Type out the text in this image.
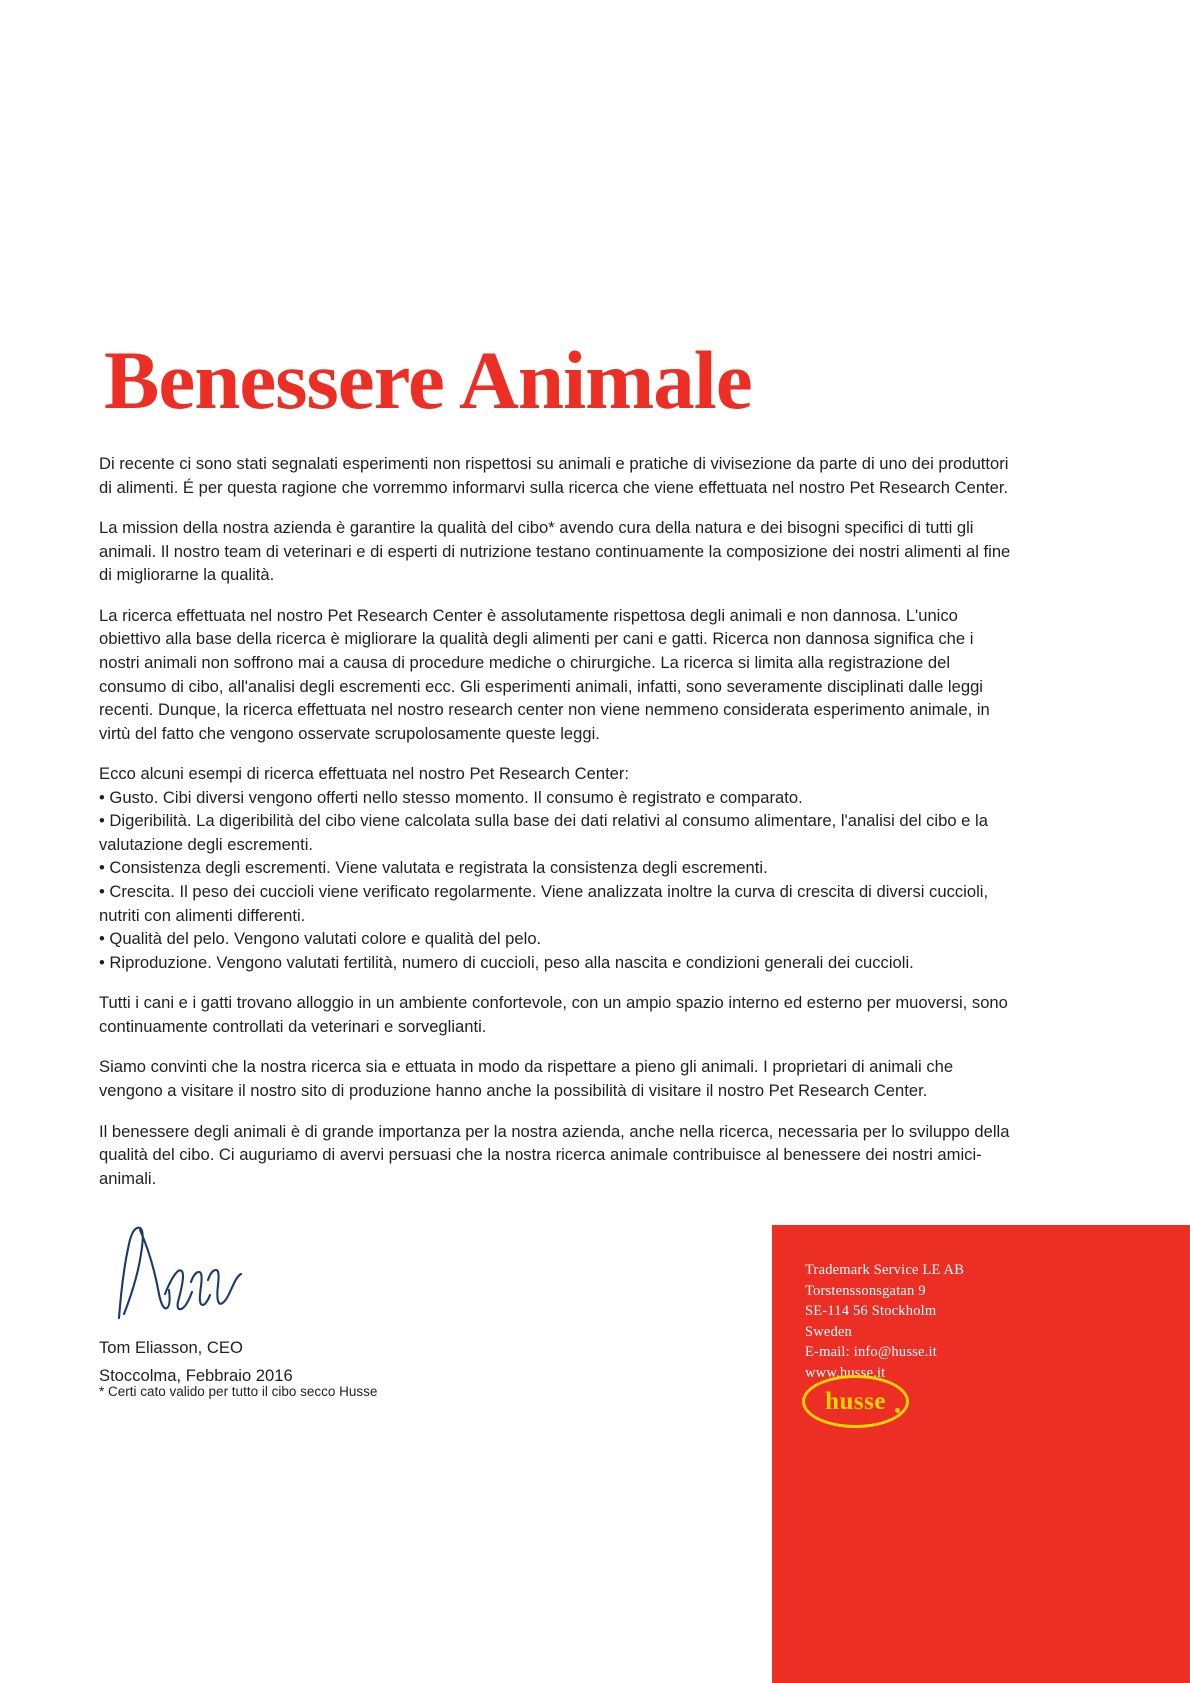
Benessere Animale

Di recente ci sono stati segnalati esperimenti non rispettosi su animali e pratiche di vivisezione da parte di uno dei produttori di alimenti. É per questa ragione che vorremmo informarvi sulla ricerca che viene effettuata nel nostro Pet Research Center.

La mission della nostra azienda è garantire la qualità del cibo* avendo cura della natura e dei bisogni specifici di tutti gli animali. Il nostro team di veterinari e di esperti di nutrizione testano continuamente la composizione dei nostri alimenti al fine di migliorarne la qualità.

La ricerca effettuata nel nostro Pet Research Center è assolutamente rispettosa degli animali e non dannosa. L'unico obiettivo alla base della ricerca è migliorare la qualità degli alimenti per cani e gatti. Ricerca non dannosa significa che i nostri animali non soffrono mai a causa di procedure mediche o chirurgiche. La ricerca si limita alla registrazione del consumo di cibo, all'analisi degli escrementi ecc. Gli esperimenti animali, infatti, sono severamente disciplinati dalle leggi recenti. Dunque, la ricerca effettuata nel nostro research center non viene nemmeno considerata esperimento animale, in virtù del fatto che vengono osservate scrupolosamente queste leggi.

Ecco alcuni esempi di ricerca effettuata nel nostro Pet Research Center:

• Gusto. Cibi diversi vengono offerti nello stesso momento. Il consumo è registrato e comparato.

• Digeribilità. La digeribilità del cibo viene calcolata sulla base dei dati relativi al consumo alimentare, l'analisi del cibo e la valutazione degli escrementi.

• Consistenza degli escrementi. Viene valutata e registrata la consistenza degli escrementi.

• Crescita. Il peso dei cuccioli viene verificato regolarmente. Viene analizzata inoltre la curva di crescita di diversi cuccioli, nutriti con alimenti differenti.

• Qualità del pelo. Vengono valutati colore e qualità del pelo.

• Riproduzione. Vengono valutati fertilità, numero di cuccioli, peso alla nascita e condizioni generali dei cuccioli.

Tutti i cani e i gatti trovano alloggio in un ambiente confortevole, con un ampio spazio interno ed esterno per muoversi, sono continuamente controllati da veterinari e sorveglianti.

Siamo convinti che la nostra ricerca sia e ettuata in modo da rispettare a pieno gli animali. I proprietari di animali che vengono a visitare il nostro sito di produzione hanno anche la possibilità di visitare il nostro Pet Research Center.

Il benessere degli animali è di grande importanza per la nostra azienda, anche nella ricerca, necessaria per lo sviluppo della qualità del cibo. Ci auguriamo di avervi persuasi che la nostra ricerca animale contribuisce al benessere dei nostri amici-animali.

Tom Eliasson, CEO
Stoccolma, Febbraio 2016
* Certi cato valido per tutto il cibo secco Husse
Trademark Service LE AB
Torstenssonsgatan 9
SE-114 56 Stockholm
Sweden
E-mail: info@husse.it
www.husse.it
husse
